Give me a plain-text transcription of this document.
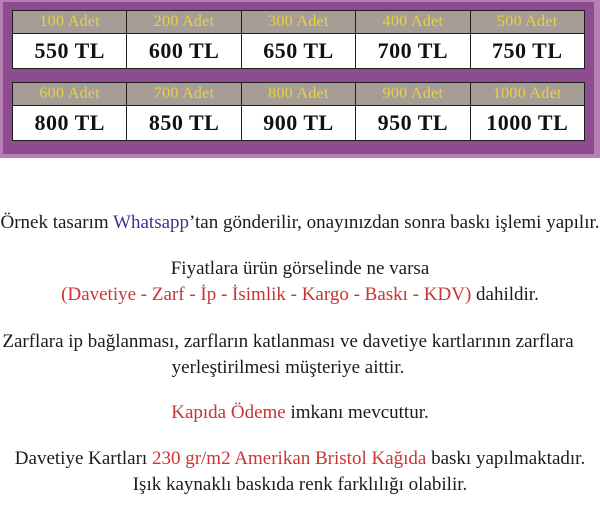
100 Adet	200 Adet	300 Adet	400 Adet	500 Adet
550 TL	600 TL	650 TL	700 TL	750 TL
600 Adet	700 Adet	800 Adet	900 Adet	1000 Adet
800 TL	850 TL	900 TL	950 TL	1000 TL

Örnek tasarım Whatsapp’tan gönderilir, onayınızdan sonra baskı işlemi yapılır.

Fiyatlara ürün görselinde ne varsa
(Davetiye - Zarf - İp - İsimlik - Kargo - Baskı - KDV) dahildir.

Zarflara ip bağlanması, zarfların katlanması ve davetiye kartlarının zarflara yerleştirilmesi müşteriye aittir.

Kapıda Ödeme imkanı mevcuttur.

Davetiye Kartları 230 gr/m2 Amerikan Bristol Kağıda baskı yapılmaktadır.
Işık kaynaklı baskıda renk farklılığı olabilir.
